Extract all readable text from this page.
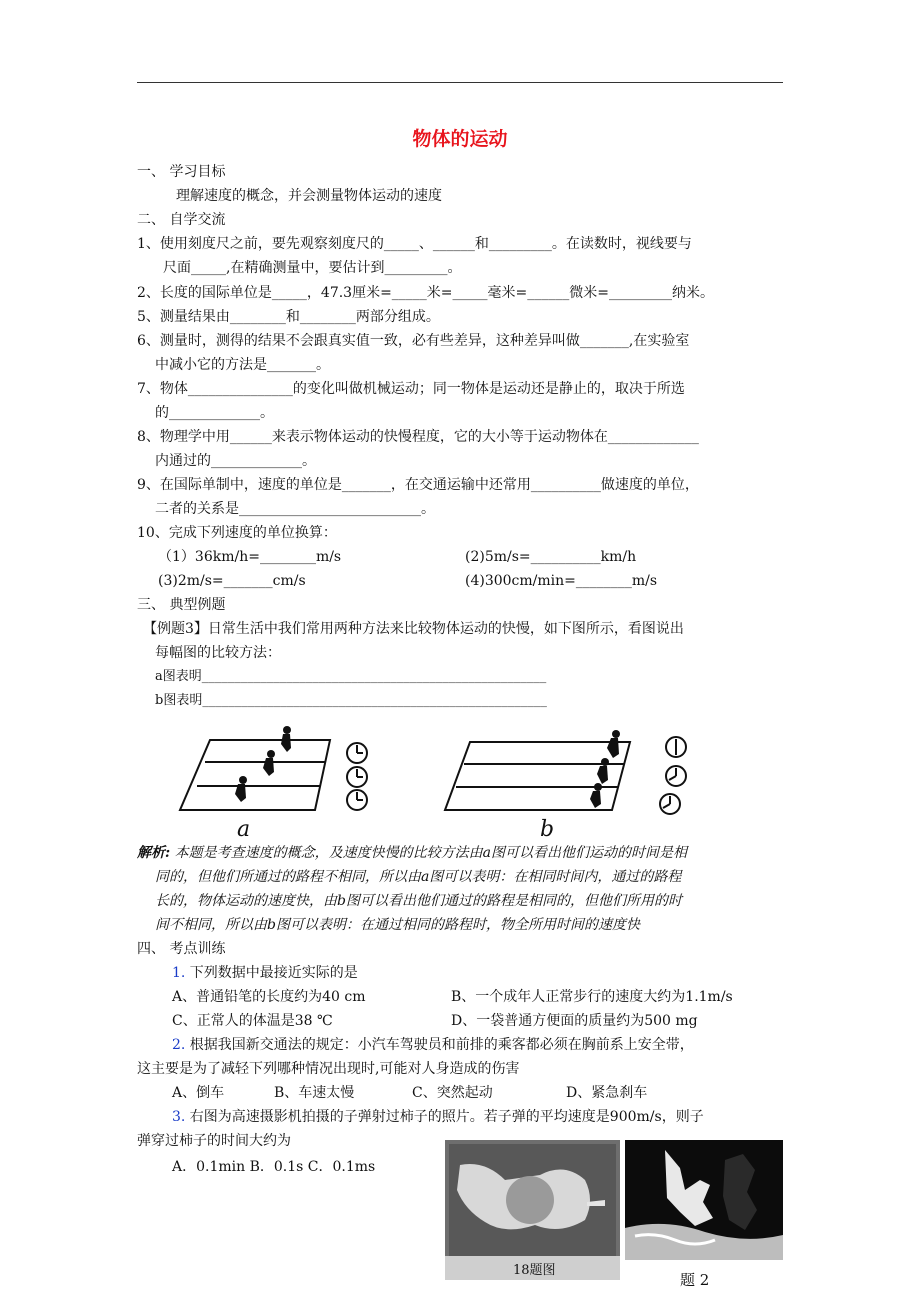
物体的运动
一、 学习目标
理解速度的概念，并会测量物体运动的速度
二、 自学交流
1、使用刻度尺之前，要先观察刻度尺的_____、______和_________。在读数时，视线要与
尺面_____,在精确测量中，要估计到_________。
2、长度的国际单位是_____，47.3厘米=_____米=_____毫米=______微米=_________纳米。
5、测量结果由________和________两部分组成。
6、测量时，测得的结果不会跟真实值一致，必有些差异，这种差异叫做_______,在实验室
中减小它的方法是_______。
7、物体_______________的变化叫做机械运动；同一物体是运动还是静止的，取决于所选
的_____________。
8、物理学中用______来表示物体运动的快慢程度，它的大小等于运动物体在_____________
内通过的_____________。
9、在国际单制中，速度的单位是_______，在交通运输中还常用__________做速度的单位，
二者的关系是__________________________。
10、完成下列速度的单位换算：
（1）36km/h=________m/s	(2)5m/s=__________km/h
(3)2m/s=_______cm/s	(4)300cm/min=________m/s
三、 典型例题
【例题3】日常生活中我们常用两种方法来比较物体运动的快慢，如下图所示，看图说出
每幅图的比较方法：
a图表明_____________________________________________________
b图表明_____________________________________________________
a	b
解析: 本题是考查速度的概念，及速度快慢的比较方法由a图可以看出他们运动的时间是相
同的，但他们所通过的路程不相同，所以由a图可以表明：在相同时间内，通过的路程
长的，物体运动的速度快，由b图可以看出他们通过的路程是相同的，但他们所用的时
间不相同，所以由b图可以表明：在通过相同的路程时，物全所用时间的速度快
四、 考点训练
1. 下列数据中最接近实际的是
A、普通铅笔的长度约为40 cm	B、一个成年人正常步行的速度大约为1.1m/s
C、正常人的体温是38 ℃	D、一袋普通方便面的质量约为500 mg
2. 根据我国新交通法的规定：小汽车驾驶员和前排的乘客都必须在胸前系上安全带，
这主要是为了减轻下列哪种情况出现时,可能对人身造成的伤害
A、倒车	B、车速太慢	C、突然起动	D、紧急刹车
3. 右图为高速摄影机拍摄的子弹射过柿子的照片。若子弹的平均速度是900m/s，则子
弹穿过柿子的时间大约为
A．0.1min B．0.1s C．0.1ms
18题图
题 2
